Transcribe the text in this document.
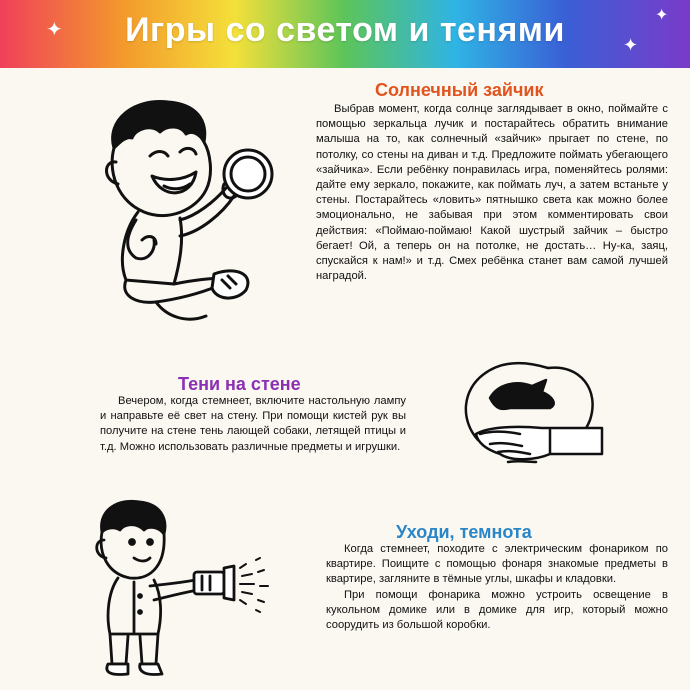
✦
✦
✦
Игры со светом и тенями
Солнечный зайчик

Выбрав момент, когда солнце заглядывает в окно, поймайте с помощью зеркальца лучик и постарайтесь обратить внимание малыша на то, как солнечный «зайчик» прыгает по стене, по потолку, со стены на диван и т.д. Предложите поймать убегающего «зайчика». Если ребёнку понравилась игра, поменяйтесь ролями: дайте ему зеркало, покажите, как поймать луч, а затем встаньте у стены. Постарайтесь «ловить» пятнышко света как можно более эмоционально, не забывая при этом комментировать свои действия: «Поймаю-поймаю! Какой шустрый зайчик – быстро бегает! Ой, а теперь он на потолке, не достать… Ну-ка, заяц, спускайся к нам!» и т.д. Смех ребёнка станет вам самой лучшей наградой.

Тени на стене

Вечером, когда стемнеет, включите настольную лампу и направьте её свет на стену. При помощи кистей рук вы получите на стене тень лающей собаки, летящей птицы и т.д. Можно использовать различные предметы и игрушки.

Уходи, темнота

Когда стемнеет, походите с электрическим фонариком по квартире. Поищите с помощью фонаря знакомые предметы в квартире, загляните в тёмные углы, шкафы и кладовки.

При помощи фонарика можно устроить освещение в кукольном домике или в домике для игр, который можно соорудить из большой коробки.
